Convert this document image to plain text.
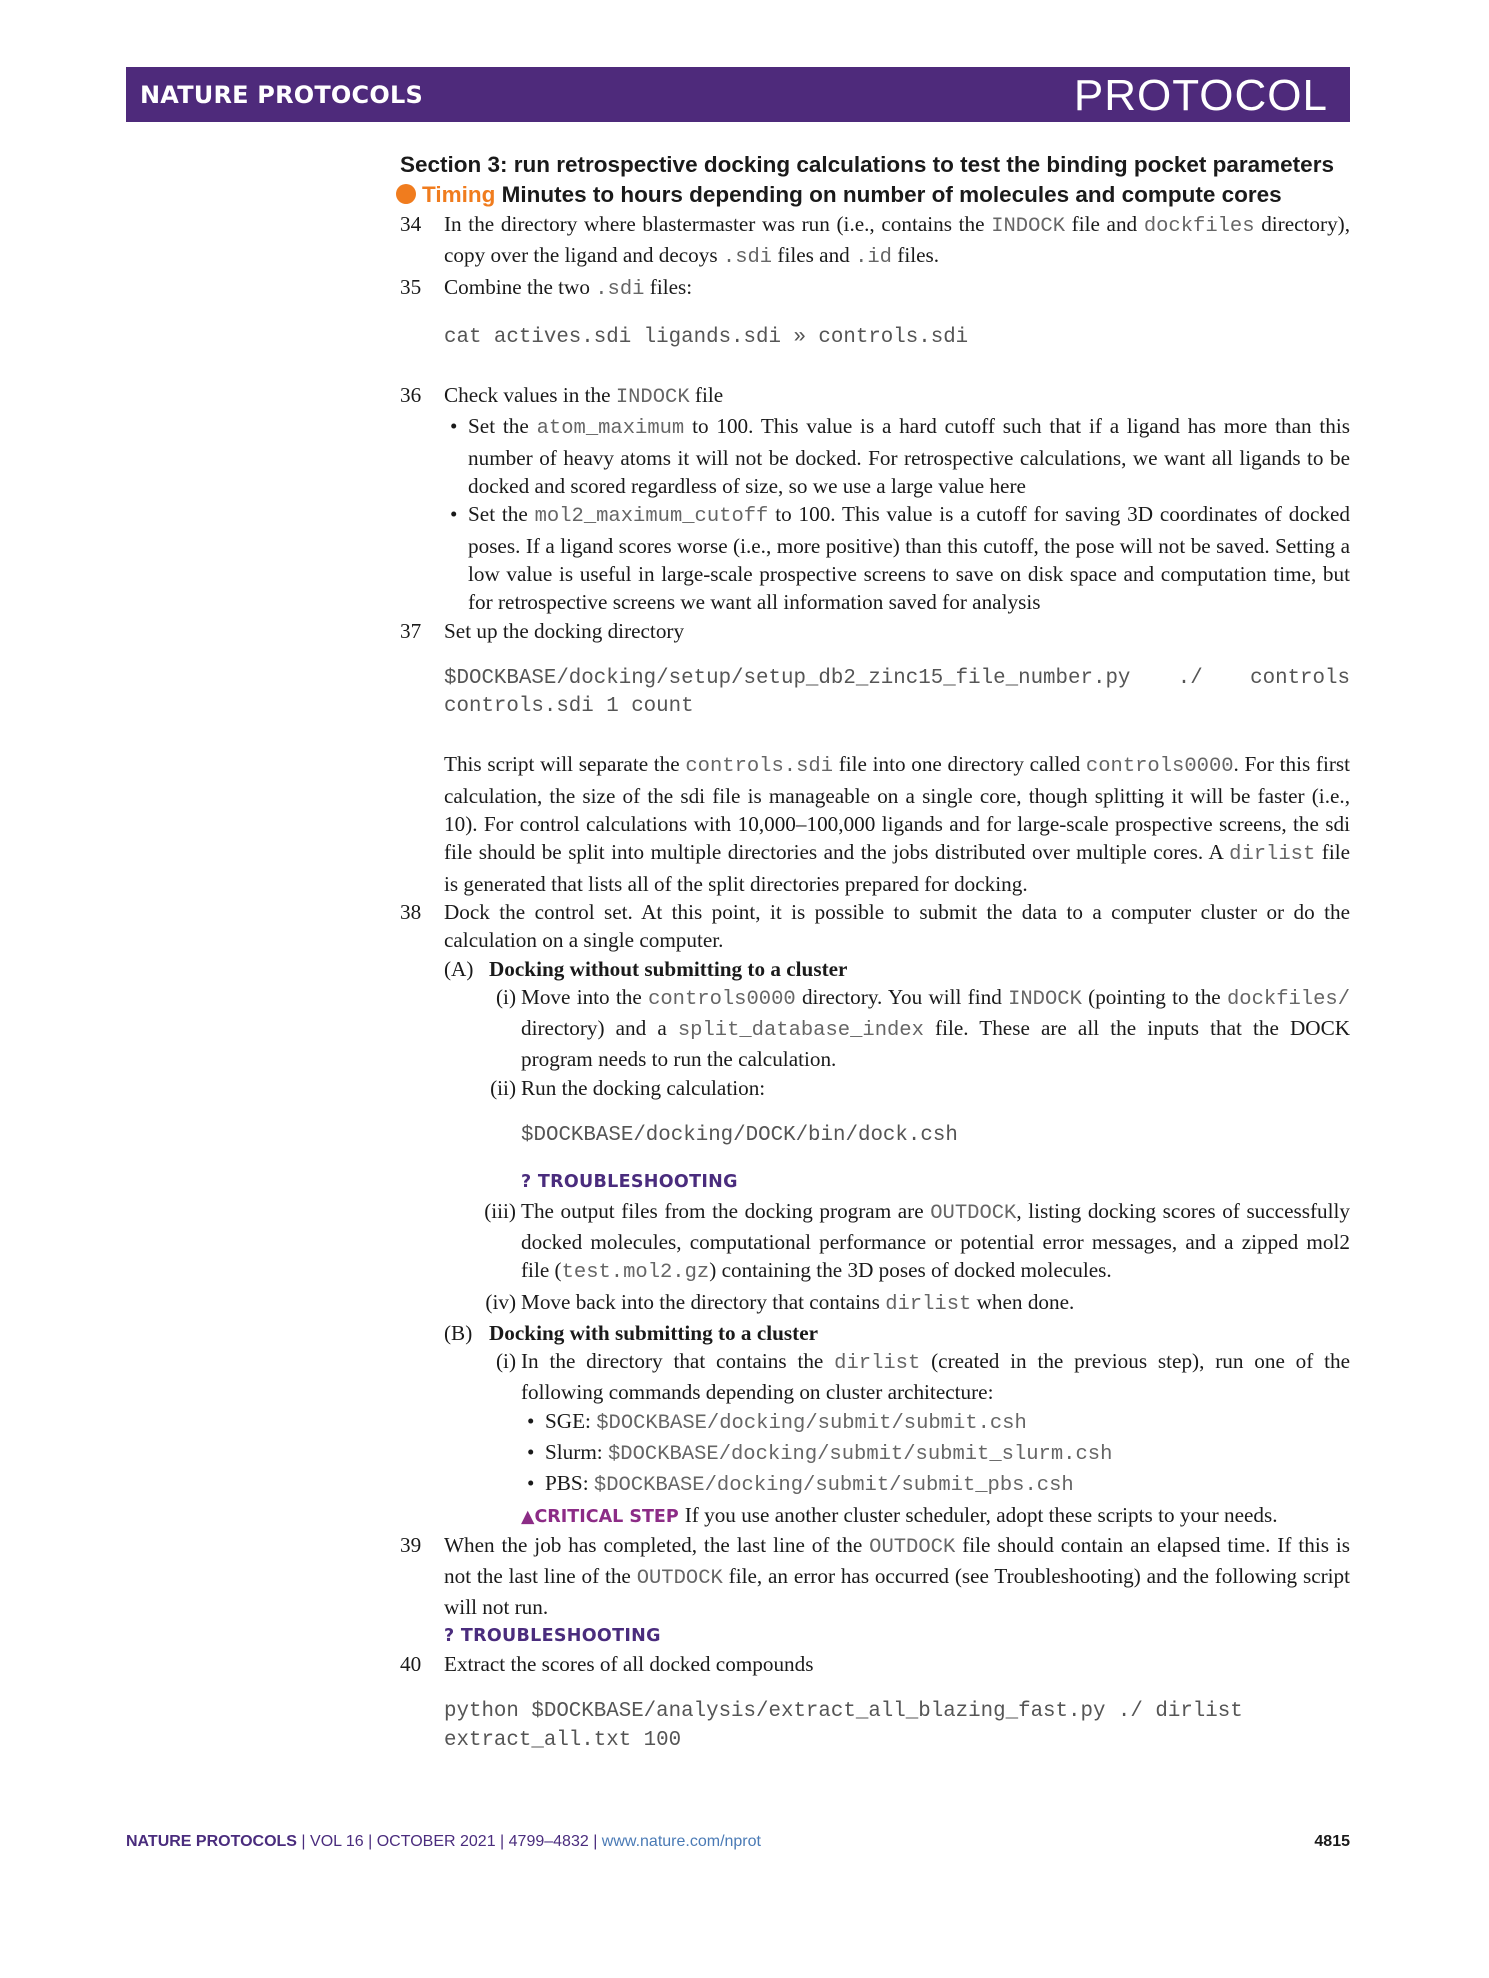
NATURE PROTOCOLS	PROTOCOL
Section 3: run retrospective docking calculations to test the binding pocket parameters
Timing Minutes to hours depending on number of molecules and compute cores
34 In the directory where blastermaster was run (i.e., contains the INDOCK file and dockfiles directory), copy over the ligand and decoys .sdi files and .id files.
35 Combine the two .sdi files:
cat actives.sdi ligands.sdi » controls.sdi
36 Check values in the INDOCK file
• Set the atom_maximum to 100. This value is a hard cutoff such that if a ligand has more than this number of heavy atoms it will not be docked. For retrospective calculations, we want all ligands to be docked and scored regardless of size, so we use a large value here
• Set the mol2_maximum_cutoff to 100. This value is a cutoff for saving 3D coordinates of docked poses. If a ligand scores worse (i.e., more positive) than this cutoff, the pose will not be saved. Setting a low value is useful in large-scale prospective screens to save on disk space and computation time, but for retrospective screens we want all information saved for analysis
37 Set up the docking directory
$DOCKBASE/docking/setup/setup_db2_zinc15_file_number.py ./ controls
controls.sdi 1 count
This script will separate the controls.sdi file into one directory called controls0000. For this first calculation, the size of the sdi file is manageable on a single core, though splitting it will be faster (i.e., 10). For control calculations with 10,000–100,000 ligands and for large-scale prospective screens, the sdi file should be split into multiple directories and the jobs distributed over multiple cores. A dirlist file is generated that lists all of the split directories prepared for docking.
38 Dock the control set. At this point, it is possible to submit the data to a computer cluster or do the calculation on a single computer.
(A) Docking without submitting to a cluster
(i) Move into the controls0000 directory. You will find INDOCK (pointing to the dockfiles/ directory) and a split_database_index file. These are all the inputs that the DOCK program needs to run the calculation.
(ii) Run the docking calculation:
$DOCKBASE/docking/DOCK/bin/dock.csh
? TROUBLESHOOTING
(iii) The output files from the docking program are OUTDOCK, listing docking scores of successfully docked molecules, computational performance or potential error messages, and a zipped mol2 file (test.mol2.gz) containing the 3D poses of docked molecules.
(iv) Move back into the directory that contains dirlist when done.
(B) Docking with submitting to a cluster
(i) In the directory that contains the dirlist (created in the previous step), run one of the following commands depending on cluster architecture:
• SGE: $DOCKBASE/docking/submit/submit.csh
• Slurm: $DOCKBASE/docking/submit/submit_slurm.csh
• PBS: $DOCKBASE/docking/submit/submit_pbs.csh
▲CRITICAL STEP If you use another cluster scheduler, adopt these scripts to your needs.
39 When the job has completed, the last line of the OUTDOCK file should contain an elapsed time. If this is not the last line of the OUTDOCK file, an error has occurred (see Troubleshooting) and the following script will not run.
? TROUBLESHOOTING
40 Extract the scores of all docked compounds
python $DOCKBASE/analysis/extract_all_blazing_fast.py ./ dirlist
extract_all.txt 100
NATURE PROTOCOLS | VOL 16 | OCTOBER 2021 | 4799–4832 | www.nature.com/nprot	4815
